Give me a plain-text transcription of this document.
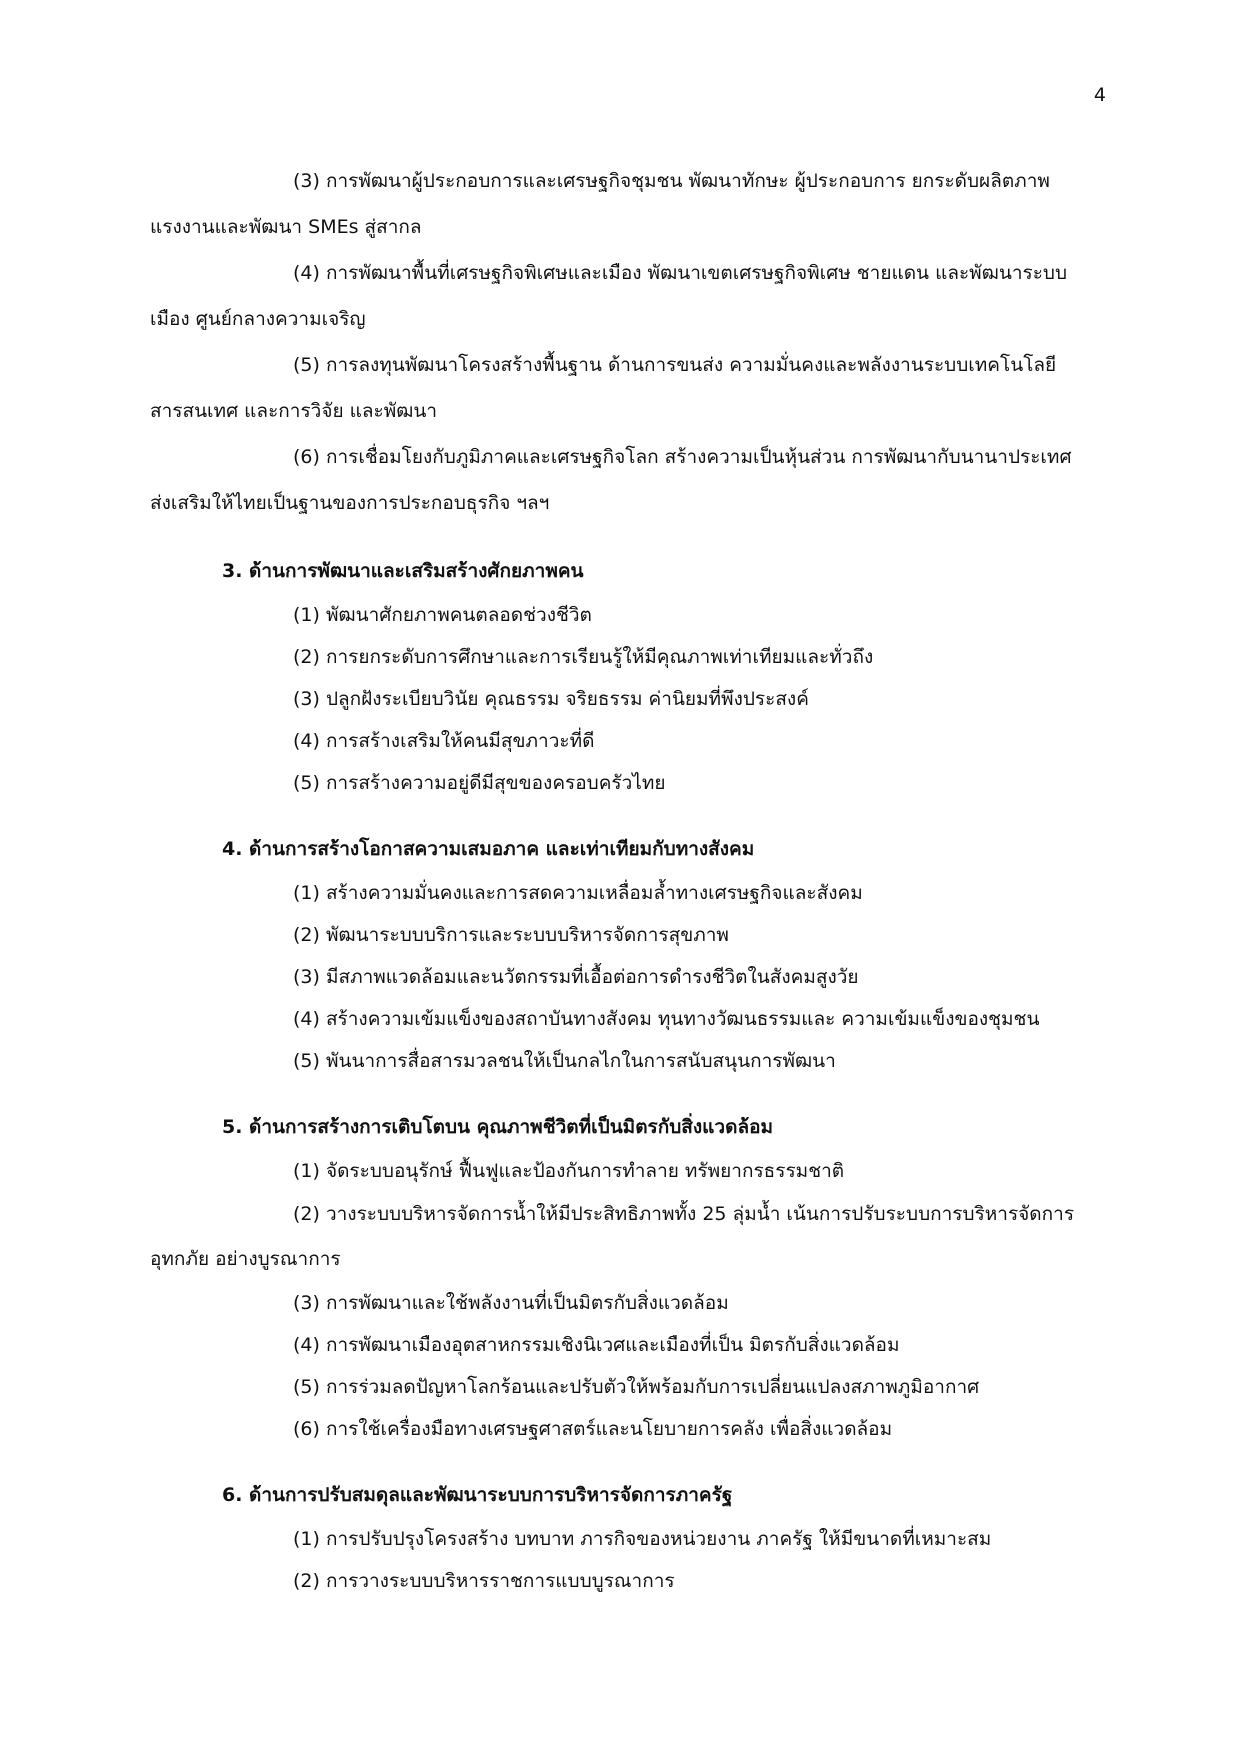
4

(3) การพัฒนาผู้ประกอบการและเศรษฐกิจชุมชน พัฒนาทักษะ ผู้ประกอบการ ยกระดับผลิตภาพแรงงานและพัฒนา SMEs สู่สากล

(4) การพัฒนาพื้นที่เศรษฐกิจพิเศษและเมือง พัฒนาเขตเศรษฐกิจพิเศษ ชายแดน และพัฒนาระบบเมือง ศูนย์กลางความเจริญ

(5) การลงทุนพัฒนาโครงสร้างพื้นฐาน ด้านการขนส่ง ความมั่นคงและพลังงานระบบเทคโนโลยีสารสนเทศ และการวิจัย และพัฒนา

(6) การเชื่อมโยงกับภูมิภาคและเศรษฐกิจโลก สร้างความเป็นหุ้นส่วน การพัฒนากับนานาประเทศ ส่งเสริมให้ไทยเป็นฐานของการประกอบธุรกิจ ฯลฯ

3. ด้านการพัฒนาและเสริมสร้างศักยภาพคน
(1) พัฒนาศักยภาพคนตลอดช่วงชีวิต
(2) การยกระดับการศึกษาและการเรียนรู้ให้มีคุณภาพเท่าเทียมและทั่วถึง
(3) ปลูกฝังระเบียบวินัย คุณธรรม จริยธรรม ค่านิยมที่พึงประสงค์
(4) การสร้างเสริมให้คนมีสุขภาวะที่ดี
(5) การสร้างความอยู่ดีมีสุขของครอบครัวไทย
4. ด้านการสร้างโอกาสความเสมอภาค และเท่าเทียมกับทางสังคม
(1) สร้างความมั่นคงและการสดความเหลื่อมล้ำทางเศรษฐกิจและสังคม
(2) พัฒนาระบบบริการและระบบบริหารจัดการสุขภาพ
(3) มีสภาพแวดล้อมและนวัตกรรมที่เอื้อต่อการดำรงชีวิตในสังคมสูงวัย
(4) สร้างความเข้มแข็งของสถาบันทางสังคม ทุนทางวัฒนธรรมและ ความเข้มแข็งของชุมชน
(5) พันนาการสื่อสารมวลชนให้เป็นกลไกในการสนับสนุนการพัฒนา
5. ด้านการสร้างการเติบโตบน คุณภาพชีวิตที่เป็นมิตรกับสิ่งแวดล้อม
(1) จัดระบบอนุรักษ์ ฟื้นฟูและป้องกันการทำลาย ทรัพยากรธรรมชาติ

(2) วางระบบบริหารจัดการน้ำให้มีประสิทธิภาพทั้ง 25 ลุ่มน้ำ เน้นการปรับระบบการบริหารจัดการอุทกภัย อย่างบูรณาการ

(3) การพัฒนาและใช้พลังงานที่เป็นมิตรกับสิ่งแวดล้อม
(4) การพัฒนาเมืองอุตสาหกรรมเชิงนิเวศและเมืองที่เป็น มิตรกับสิ่งแวดล้อม
(5) การร่วมลดปัญหาโลกร้อนและปรับตัวให้พร้อมกับการเปลี่ยนแปลงสภาพภูมิอากาศ
(6) การใช้เครื่องมือทางเศรษฐศาสตร์และนโยบายการคลัง เพื่อสิ่งแวดล้อม
6. ด้านการปรับสมดุลและพัฒนาระบบการบริหารจัดการภาครัฐ
(1) การปรับปรุงโครงสร้าง บทบาท ภารกิจของหน่วยงาน ภาครัฐ ให้มีขนาดที่เหมาะสม
(2) การวางระบบบริหารราชการแบบบูรณาการ
